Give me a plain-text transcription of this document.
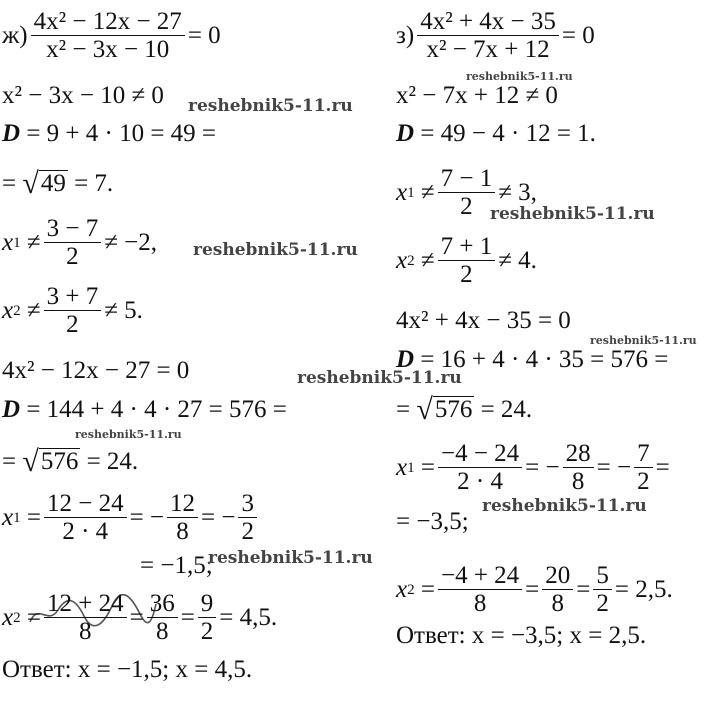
$ж) \frac{\text{4x² − 12x − 27}}{\text{x² − 3x − 10}} = 0$
x² − 3x − 10 ≠ 0
D
= 9 + 4 · 10 = 49 =
=
√ 49
= 7.
x 1
≠ $\frac{3 - 7}{2} \ne -2$,
x 2
≠ $\frac{3 + 7}{2} \ne 5$.
4x² − 12x − 27 = 0
D
= 144 + 4 · 4 · 27 = 576 =
=
√ 576
= 24.
x 1
= $\frac{12 - 24}{2 \cdot 4}$ = − $\frac{12}{8}$ = − $\frac{3}{2}$
= −1,5;
x 2
= $\frac{12 + 24}{8} = \frac{36}{8} = \frac{9}{2} = 4,5$.
Ответ:
x = −1,5; x = 4,5.
$з) \frac{\text{4x² + 4x − 35}}{\text{x² − 7x + 12}} = 0$
x² − 7x + 12 ≠ 0
D
= 49 − 4 · 12 = 1.
x 1
≠ $\frac{7 - 1}{2} \ne 3$,
x 2
≠ $\frac{7 + 1}{2} \ne 4$.
4x² + 4x − 35 = 0
D
= 16 + 4 · 4 · 35 = 576 =
=
√ 576
= 24.
x 1
= $\frac{-4 - 24}{2 \cdot 4}$ = − $\frac{28}{8}$ = − $\frac{7}{2}$ =
= −3,5;
x 2
= $\frac{-4 + 24}{8} = \frac{20}{8} = \frac{5}{2} = 2,5$.
Ответ:
x = −3,5; x = 2,5.
reshebnik5-11.ru
reshebnik5-11.ru
reshebnik5-11.ru
reshebnik5-11.ru
reshebnik5-11.ru
reshebnik5-11.ru
reshebnik5-11.ru
reshebnik5-11.ru
reshebnik5-11.ru
